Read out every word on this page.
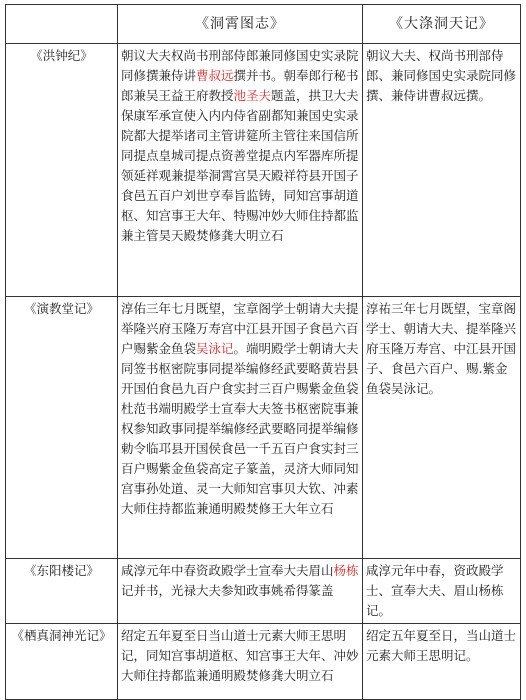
	《洞霄图志》	《大涤洞天记》
《洪钟纪》	朝议大夫权尚书刑部侍郎兼同修国史实录院同修撰兼侍讲曹叔远撰并书。朝奉郎行秘书郎兼吴王益王府教授池圣夫题盖，拱卫大夫保康军承宣使入内内侍省副都知兼国史实录院都大提举诸司主管讲筵所主管往来国信所同提点皇城司提点资善堂提点内军器库所提领延祥观兼提举洞霄宫昊天殿祥符县开国子食邑五百户刘世亨奉旨监铸，同知宫事胡道枢、知宫事王大年、特赐冲妙大师住持都监兼主管昊天殿焚修龚大明立石	朝议大夫、权尚书刑部侍郎、兼同修国史实录院同修撰、兼侍讲曹叔远撰。
《演教堂记》	淳佑三年七月既望，宝章阁学士朝请大夫提举隆兴府玉隆万寿宫中江县开国子食邑六百户赐紫金鱼袋吴泳记。端明殿学士朝请大夫同签书枢密院事同提举编修经武要略黄岩县开国伯食邑九百户食实封三百户赐紫金鱼袋杜范书端明殿学士宣奉大夫签书枢密院事兼权参知政事同提举编修经武要略同提举编修勅令临邛县开国侯食邑一千五百户食实封三百户赐紫金鱼袋高定子篆盖，灵济大师同知宫事孙处道、灵一大师知宫事贝大钦、冲素大师住持都监兼通明殿焚修王大年立石	淳祐三年七月既望，宝章阁学士、朝请大夫、提举隆兴府玉隆万寿宫、中江县开国子、食邑六百户、赐.紫金鱼袋吴泳记。
《东阳楼记》	咸淳元年中春资政殿学士宣奉大夫眉山杨栋记并书，光禄大夫参知政事姚希得篆盖	咸淳元年中春，资政殿学士、宣奉大夫、眉山杨栋记。
《栖真洞神光记》	绍定五年夏至日当山道士元素大师王思明记，同知宫事胡道枢、知宫事王大年、冲妙大师住持都监兼通明殿焚修龚大明立石	绍定五年夏至日，当山道士元素大师王思明记。
